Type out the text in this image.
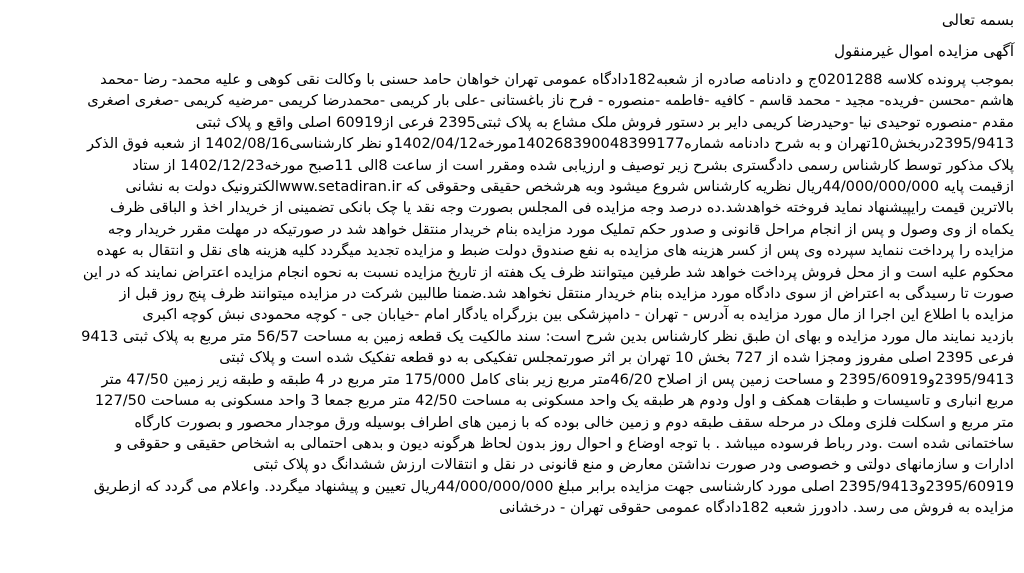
بسمه تعالی
آگهی مزایده اموال غیرمنقول
بموجب پرونده کلاسه 0201288ج و دادنامه صادره از شعبه182دادگاه عمومی تهران خواهان حامد حسنی با وکالت نقی کوهی و علیه محمد- رضا -محمد
هاشم -محسن -فریده- مجید - محمد قاسم - کافیه -فاطمه -منصوره - فرح ناز باغستانی -علی بار کریمی -محمدرضا کریمی -مرضیه کریمی -صغری اصغری
مقدم -منصوره توحیدی نیا -وحیدرضا کریمی دایر بر دستور فروش ملک مشاع به پلاک ثبتی2395 فرعی از60919 اصلی واقع و پلاک ثبتی
2395/9413دربخش10تهران و به شرح دادنامه شماره140268390048399177مورخه1402/04/12و نظر کارشناسی1402/08/16 از شعبه فوق الذکر
پلاک مذکور توسط کارشناس رسمی دادگستری بشرح زیر توصیف و ارزیابی شده ومقرر است از ساعت 8الی 11صبح مورخه1402/12/23 از ستاد
ازقیمت پایه 44/000/000/000ریال نظریه کارشناس شروع میشود وبه هرشخص حقیقی وحقوقی که www.setadiran.irالکترونیک دولت به نشانی
بالاترین قیمت رایپیشنهاد نماید فروخته خواهدشد.ده درصد وجه مزایده فی المجلس بصورت وجه نقد یا چک بانکی تضمینی از خریدار اخذ و الباقی ظرف
یکماه از وی وصول و پس از انجام مراحل قانونی و صدور حکم تملیک مورد مزایده بنام خریدار منتقل خواهد شد در صورتیکه در مهلت مقرر خریدار وجه
مزایده را پرداخت ننماید سپرده وی پس از کسر هزینه های مزایده به نفع صندوق دولت ضبط و مزایده تجدید میگردد کلیه هزینه های نقل و انتقال به عهده
محکوم علیه است و از محل فروش پرداخت خواهد شد طرفین میتوانند ظرف یک هفته از تاریخ مزایده نسبت به نحوه انجام مزایده اعتراض نمایند که در این
صورت تا رسیدگی به اعتراض از سوی دادگاه مورد مزایده بنام خریدار منتقل نخواهد شد.ضمنا طالبین شرکت در مزایده میتوانند ظرف پنج روز قبل از
مزایده با اطلاع این اجرا از مال مورد مزایده به آدرس - تهران - دامپزشکی بین بزرگراه یادگار امام -خیابان جی - کوچه محمودی نبش کوچه اکبری
بازدید نمایند مال مورد مزایده و بهای ان طبق نظر کارشناس بدین شرح است: سند مالکیت یک قطعه زمین به مساحت 56/57 متر مربع به پلاک ثبتی 9413
فرعی 2395 اصلی مفروز ومجزا شده از 727 بخش 10 تهران بر اثر صورتمجلس تفکیکی به دو قطعه تفکیک شده است و پلاک ثبتی
2395/9413و2395/60919 و مساحت زمین پس از اصلاح 46/20متر مربع زیر بنای کامل 175/000 متر مربع در 4 طبقه و طبقه زیر زمین 47/50 متر
مربع انباری و تاسیسات و طبقات همکف و اول ودوم هر طبقه یک واحد مسکونی به مساحت 42/50 متر مربع جمعا 3 واحد مسکونی به مساحت 127/50
متر مربع و اسکلت فلزی وملک در مرحله سقف طبقه دوم و زمین خالی بوده که با زمین های اطراف بوسیله ورق موجدار محصور و بصورت کارگاه
ساختمانی شده است .ودر رباط فرسوده میباشد . با توجه اوضاع و احوال روز بدون لحاظ هرگونه دیون و بدهی احتمالی به اشخاص حقیقی و حقوقی و
ادارات و سازمانهای دولتی و خصوصی ودر صورت نداشتن معارض و منع قانونی در نقل و انتقالات ارزش ششدانگ دو پلاک ثبتی
2395/60919و2395/9413 اصلی مورد کارشناسی جهت مزایده برابر مبلغ 44/000/000/000ریال تعیین و پیشنهاد میگردد. واعلام می گردد که ازطریق
مزایده به فروش می رسد. دادورز شعبه 182دادگاه عمومی حقوقی تهران - درخشانی
